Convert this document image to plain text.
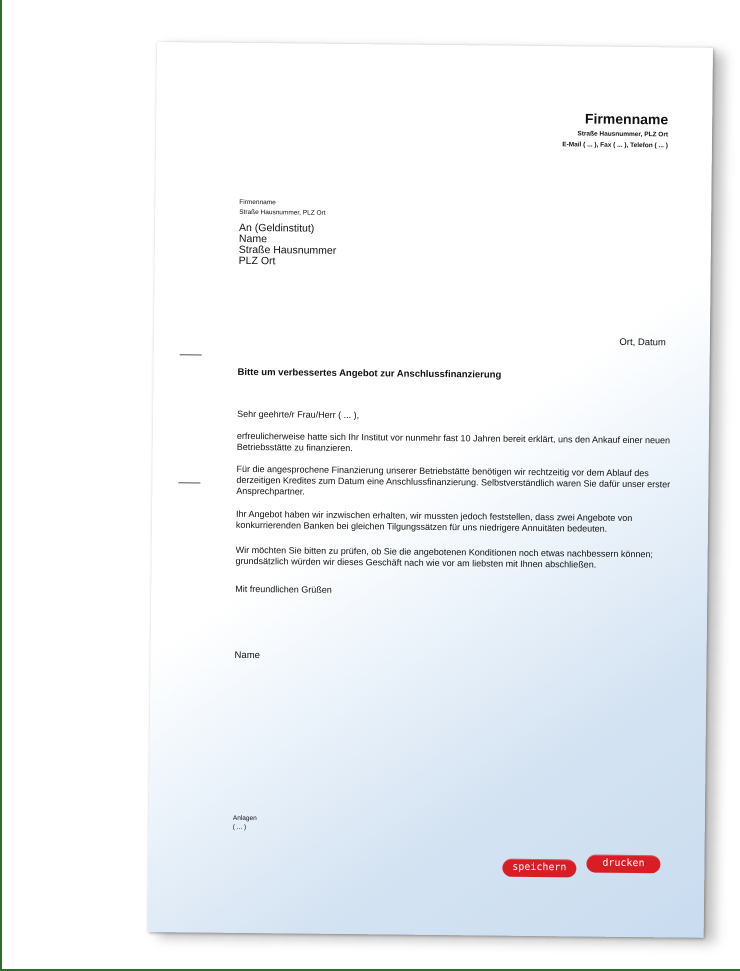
Firmenname
Straße Hausnummer, PLZ Ort
E-Mail ( ... ), Fax ( ... ), Telefon ( ... )
Firmenname
Straße Hausnummer, PLZ Ort
An (Geldinstitut)
Name
Straße Hausnummer
PLZ Ort
Ort, Datum
Bitte um verbessertes Angebot zur Anschlussfinanzierung
Sehr geehrte/r Frau/Herr ( ... ),
erfreulicherweise hatte sich Ihr Institut vor nunmehr fast 10 Jahren bereit erklärt, uns den Ankauf einer neuen Betriebsstätte zu finanzieren.
Für die angesprochene Finanzierung unserer Betriebstätte benötigen wir rechtzeitig vor dem Ablauf des derzeitigen Kredites zum Datum eine Anschlussfinanzierung. Selbstverständlich waren Sie dafür unser erster Ansprechpartner.
Ihr Angebot haben wir inzwischen erhalten, wir mussten jedoch feststellen, dass zwei Angebote von konkurrierenden Banken bei gleichen Tilgungssätzen für uns niedrigere Annuitäten bedeuten.
Wir möchten Sie bitten zu prüfen, ob Sie die angebotenen Konditionen noch etwas nachbessern können; grundsätzlich würden wir dieses Geschäft nach wie vor am liebsten mit Ihnen abschließen.
Mit freundlichen Grüßen
Name
Anlagen
( ... )
speichern	drucken
